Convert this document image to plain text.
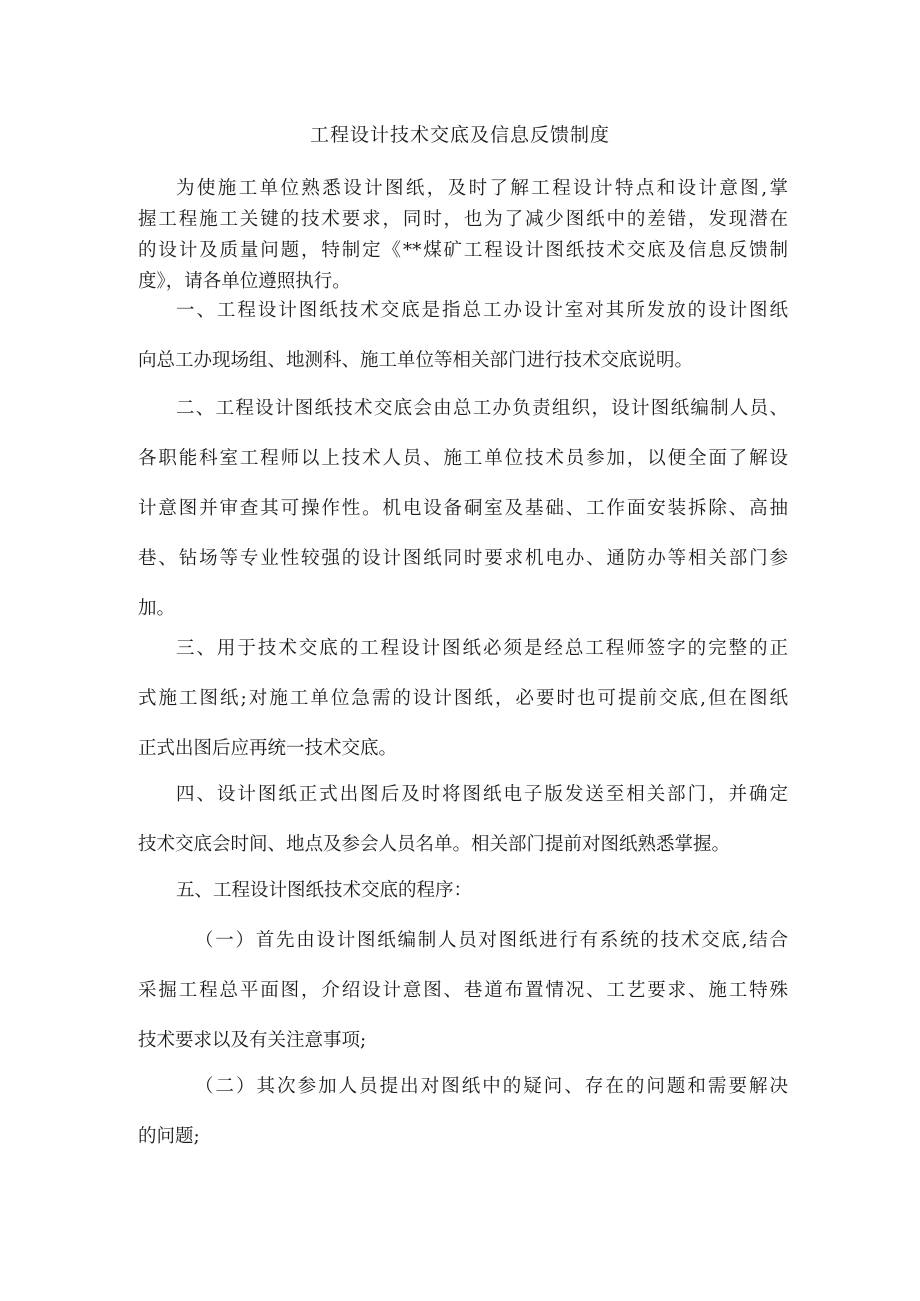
工程设计技术交底及信息反馈制度
为使施工单位熟悉设计图纸，及时了解工程设计特点和设计意图,掌
握工程施工关键的技术要求，同时，也为了减少图纸中的差错，发现潜在
的设计及质量问题，特制定《**煤矿工程设计图纸技术交底及信息反馈制
度》，请各单位遵照执行。
一、工程设计图纸技术交底是指总工办设计室对其所发放的设计图纸
向总工办现场组、地测科、施工单位等相关部门进行技术交底说明。
二、工程设计图纸技术交底会由总工办负责组织，设计图纸编制人员、
各职能科室工程师以上技术人员、施工单位技术员参加，以便全面了解设
计意图并审查其可操作性。机电设备硐室及基础、工作面安装拆除、高抽
巷、钻场等专业性较强的设计图纸同时要求机电办、通防办等相关部门参
加。
三、用于技术交底的工程设计图纸必须是经总工程师签字的完整的正
式施工图纸;对施工单位急需的设计图纸，必要时也可提前交底,但在图纸
正式出图后应再统一技术交底。
四、设计图纸正式出图后及时将图纸电子版发送至相关部门，并确定
技术交底会时间、地点及参会人员名单。相关部门提前对图纸熟悉掌握。
五、工程设计图纸技术交底的程序：
（一）首先由设计图纸编制人员对图纸进行有系统的技术交底,结合
采掘工程总平面图，介绍设计意图、巷道布置情况、工艺要求、施工特殊
技术要求以及有关注意事项;
（二）其次参加人员提出对图纸中的疑问、存在的问题和需要解决
的问题;
